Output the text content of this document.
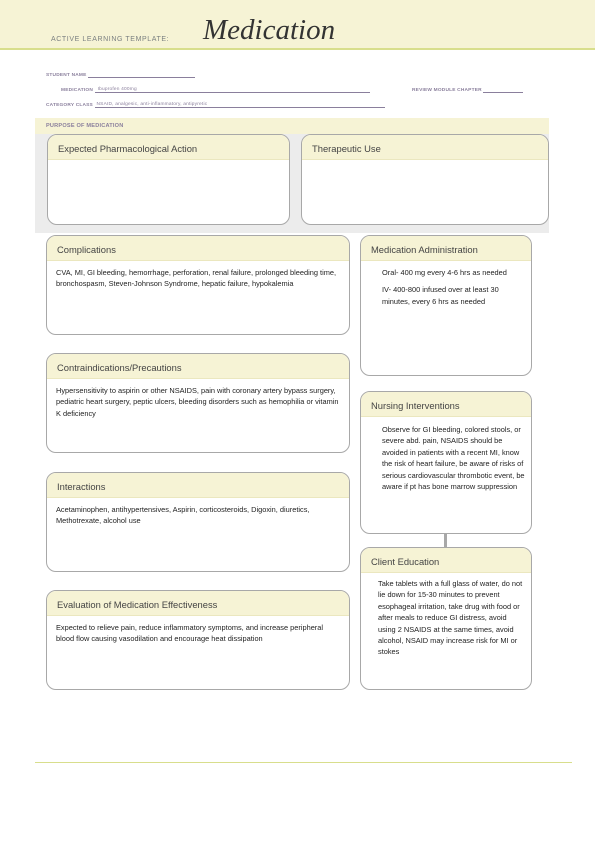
ACTIVE LEARNING TEMPLATE: Medication
STUDENT NAME
MEDICATION Ibuprofen 400mg	REVIEW MODULE CHAPTER
CATEGORY CLASS NSAID, analgesic, anti-inflammatory, antipyretic
PURPOSE OF MEDICATION
Expected Pharmacological Action	Therapeutic Use
Complications
CVA, MI, GI bleeding, hemorrhage, perforation, renal failure, prolonged bleeding time, bronchospasm, Steven-Johnson Syndrome, hepatic failure, hypokalemia
Contraindications/Precautions
Hypersensitivity to aspirin or other NSAIDS, pain with coronary artery bypass surgery, pediatric heart surgery, peptic ulcers, bleeding disorders such as hemophilia or vitamin K deficiency
Interactions
Acetaminophen, antihypertensives, Aspirin, corticosteroids, Digoxin, diuretics, Methotrexate, alcohol use
Evaluation of Medication Effectiveness
Expected to relieve pain, reduce inflammatory symptoms, and increase peripheral blood flow causing vasodilation and encourage heat dissipation
Medication Administration

Oral- 400 mg every 4-6 hrs as needed

IV- 400-800 infused over at least 30 minutes, every 6 hrs as needed

Nursing Interventions
Observe for GI bleeding, colored stools, or severe abd. pain, NSAIDS should be avoided in patients with a recent MI, know the risk of heart failure, be aware of risks of serious cardiovascular thrombotic event, be aware if pt has bone marrow suppression
Client Education
Take tablets with a full glass of water, do not lie down for 15-30 minutes to prevent esophageal irritation, take drug with food or after meals to reduce GI distress, avoid using 2 NSAIDS at the same times, avoid alcohol, NSAID may increase risk for MI or stokes
